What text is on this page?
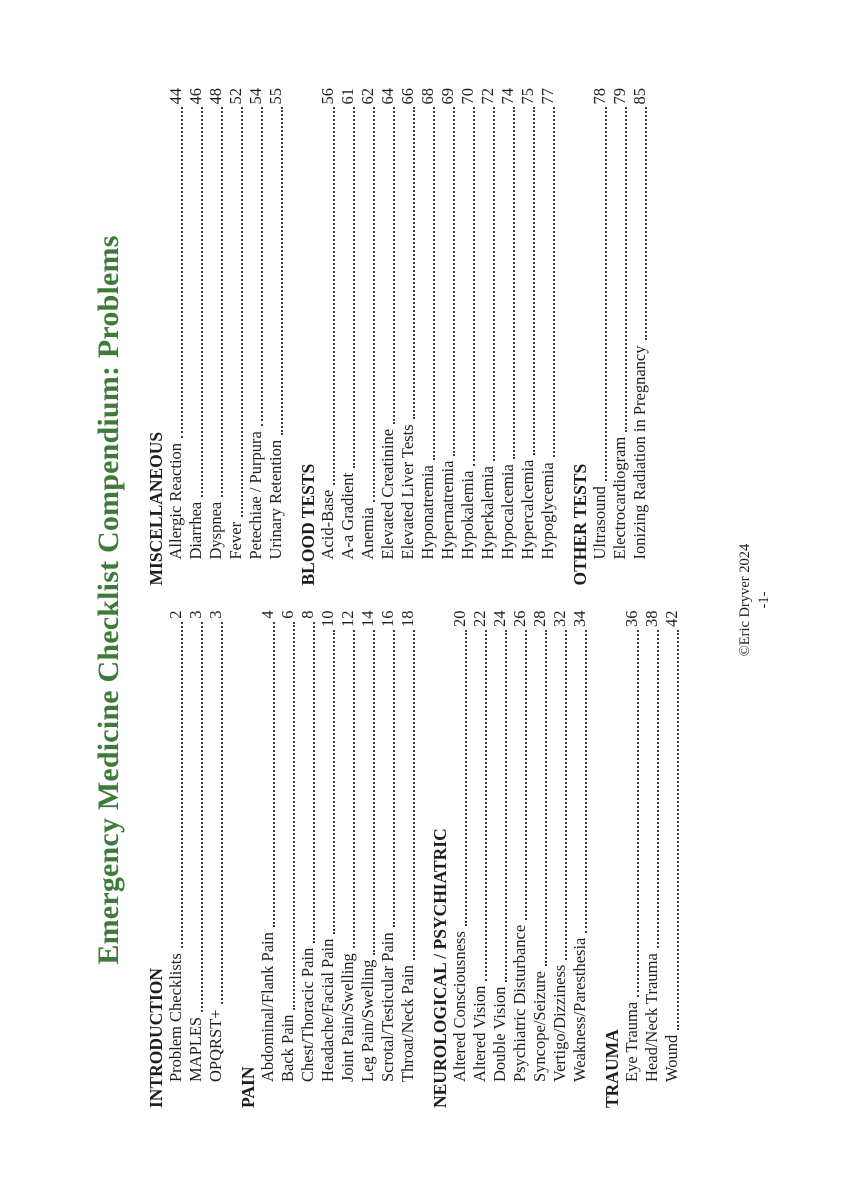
Emergency Medicine Checklist Compendium: Problems
INTRODUCTION Problem Checklists
2
MAPLES
3
OPQRST+
3
PAIN
Abdominal/Flank Pain
4
Back Pain
6
Chest/Thoracic Pain
8
Headache/Facial Pain
10
Joint Pain/Swelling
12
Leg Pain/Swelling
14
Scrotal/Testicular Pain
16
Throat/Neck Pain
18
NEUROLOGICAL / PSYCHIATRIC Altered Consciousness
20
Altered Vision
22
Double Vision
24
Psychiatric Disturbance
26
Syncope/Seizure
28
Vertigo/Dizziness
32
Weakness/Paresthesia
34
TRAUMA Eye Trauma
36
Head/Neck Trauma
38
Wound
42
MISCELLANEOUS Allergic Reaction
44
Diarrhea
46
Dyspnea
48
Fever
52
Petechiae / Purpura
54
Urinary Retention
55
BLOOD TESTS Acid-Base
56
A-a Gradient
61
Anemia
62
Elevated Creatinine
64
Elevated Liver Tests
66
Hyponatremia
68
Hypernatremia
69
Hypokalemia
70
Hyperkalemia
72
Hypocalcemia
74
Hypercalcemia
75
Hypoglycemia
77
OTHER TESTS Ultrasound
78
Electrocardiogram
79
Ionizing Radiation in Pregnancy
85
©Eric Dryver 2024 -1-
